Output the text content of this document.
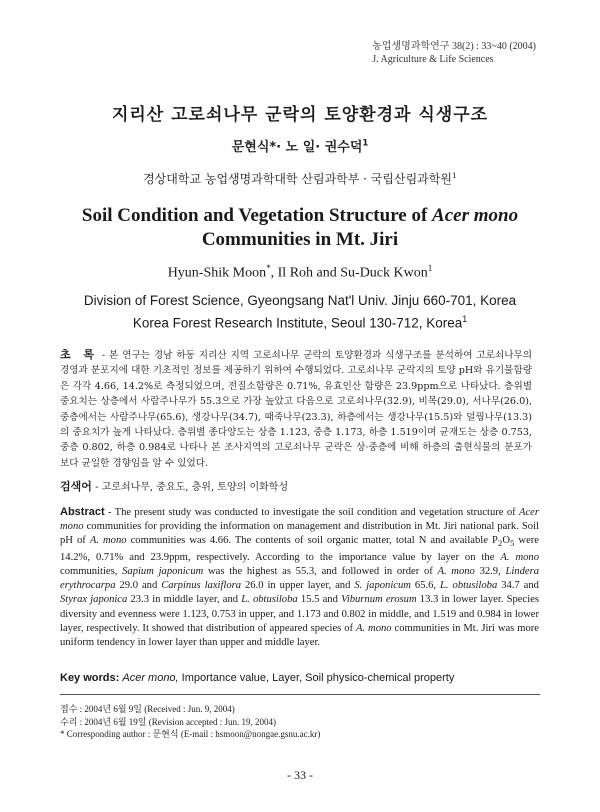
농업생명과학연구 38(2) : 33~40 (2004)
J. Agriculture & Life Sciences
지리산 고로쇠나무 군락의 토양환경과 식생구조
문현식*· 노 일· 권수덕$^1$
경상대학교 농업생명과학대학 산림과학부 · 국립산림과학원$^1$
Soil Condition and Vegetation Structure of Acer mono
Communities in Mt. Jiri
Hyun-Shik Moon*, Il Roh and Su-Duck Kwon$^1$
Division of Forest Science, Gyeongsang Nat'l Univ. Jinju 660-701, Korea
Korea Forest Research Institute, Seoul 130-712, Korea$^1$
초 록 - 본 연구는 경남 하동 지리산 지역 고로쇠나무 군락의 토양환경과 식생구조를 분석하여 고로쇠나무의 경영과 분포지에 대한 기초적인 정보를 제공하기 위하여 수행되었다. 고로쇠나무 군락지의 토양 pH와 유기물함량은 각각 4.66, 14.2%로 측정되었으며, 전질소함량은 0.71%, 유효인산 함량은 23.9ppm으로 나타났다. 층위별 중요치는 상층에서 사람주나무가 55.3으로 가장 높았고 다음으로 고로쇠나무(32.9), 비목(29.0), 서나무(26.0), 중층에서는 사람주나무(65.6), 생강나무(34.7), 때죽나무(23.3), 하층에서는 생강나무(15.5)와 덜꿩나무(13.3)의 중요치가 높게 나타났다. 층위별 종다양도는 상층 1.123, 중층 1.173, 하층 1.519이며 균재도는 상층 0.753, 중층 0.802, 하층 0.984로 나타나 본 조사지역의 고로쇠나무 군락은 상·중층에 비해 하층의 출현식물의 분포가 보다 균일한 경향임을 알 수 있었다.
검색어 - 고로쇠나무, 중요도, 층위, 토양의 이화학성
Abstract - The present study was conducted to investigate the soil condition and vegetation structure of Acer mono communities for providing the information on management and distribution in Mt. Jiri national park. Soil pH of A. mono communities was 4.66. The contents of soil organic matter, total N and available $P_2O_5$ were 14.2%, 0.71% and 23.9ppm, respectively. According to the importance value by layer on the A. mono communities, Sapium japonicum was the highest as 55.3, and followed in order of A. mono 32.9, Lindera erythrocarpa 29.0 and Carpinus laxiflora 26.0 in upper layer, and S. japonicum 65.6, L. obtusiloba 34.7 and Styrax japonica 23.3 in middle layer, and L. obtusiloba 15.5 and Viburnum erosum 13.3 in lower layer. Species diversity and evenness were 1.123, 0.753 in upper, and 1.173 and 0.802 in middle, and 1.519 and 0.984 in lower layer, respectively. It showed that distribution of appeared species of A. mono communities in Mt. Jiri was more uniform tendency in lower layer than upper and middle layer.
Key words: Acer mono, Importance value, Layer, Soil physico-chemical property
접수 : 2004년 6월 9일 (Received : Jun. 9, 2004)
수리 : 2004년 6월 19일 (Revision accepted : Jun. 19, 2004)
* Corresponding author : 문현식 (E-mail : hsmoon@nongae.gsnu.ac.kr)
- 33 -
